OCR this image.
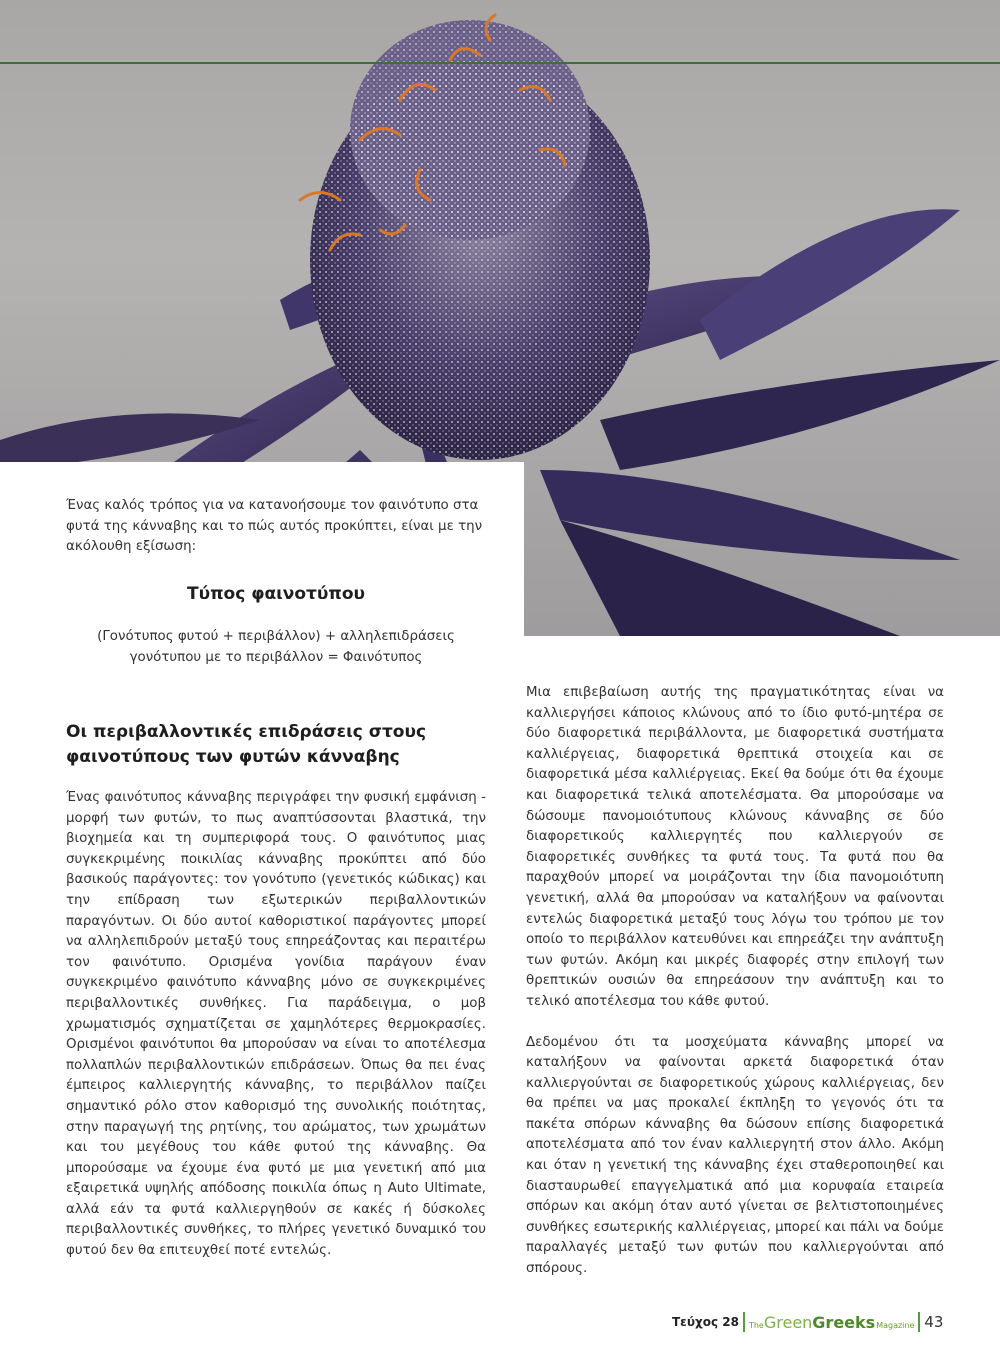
Ένας καλός τρόπος για να κατανοήσουμε τον φαινότυπο στα φυτά της κάνναβης και το πώς αυτός προκύπτει, είναι με την ακόλουθη εξίσωση:
Τύπος φαινοτύπου
(Γονότυπος φυτού + περιβάλλον) + αλληλεπιδράσεις γονότυπου με το περιβάλλον = Φαινότυπος
Οι περιβαλλοντικές επιδράσεις στους φαινοτύπους των φυτών κάνναβης

Ένας φαινότυπος κάνναβης περιγράφει την φυσική εμφάνιση - μορφή των φυτών, το πως αναπτύσσονται βλαστικά, την βιοχημεία και τη συμπεριφορά τους. Ο φαινότυπος μιας συγκεκριμένης ποικιλίας κάνναβης προκύπτει από δύο βασικούς παράγοντες: τον γονότυπο (γενετικός κώδικας) και την επίδραση των εξωτερικών περιβαλλοντικών παραγόντων. Οι δύο αυτοί καθοριστικοί παράγοντες μπορεί να αλληλεπιδρούν μεταξύ τους επηρεάζοντας και περαιτέρω τον φαινότυπο. Ορισμένα γονίδια παράγουν έναν συγκεκριμένο φαινότυπο κάνναβης μόνο σε συγκεκριμένες περιβαλλοντικές συνθήκες. Για παράδειγμα, ο μοβ χρωματισμός σχηματίζεται σε χαμηλότερες θερμοκρασίες. Ορισμένοι φαινότυποι θα μπορούσαν να είναι το αποτέλεσμα πολλαπλών περιβαλλοντικών επιδράσεων. Όπως θα πει ένας έμπειρος καλλιεργητής κάνναβης, το περιβάλλον παίζει σημαντικό ρόλο στον καθορισμό της συνολικής ποιότητας, στην παραγωγή της ρητίνης, του αρώματος, των χρωμάτων και του μεγέθους του κάθε φυτού της κάνναβης. Θα μπορούσαμε να έχουμε ένα φυτό με μια γενετική από μια εξαιρετικά υψηλής απόδοσης ποικιλία όπως η Auto Ultimate, αλλά εάν τα φυτά καλλιεργηθούν σε κακές ή δύσκολες περιβαλλοντικές συνθήκες, το πλήρες γενετικό δυναμικό του φυτού δεν θα επιτευχθεί ποτέ εντελώς.

Μια επιβεβαίωση αυτής της πραγματικότητας είναι να καλλιεργήσει κάποιος κλώνους από το ίδιο φυτό-μητέρα σε δύο διαφορετικά περιβάλλοντα, με διαφορετικά συστήματα καλλιέργειας, διαφορετικά θρεπτικά στοιχεία και σε διαφορετικά μέσα καλλιέργειας. Εκεί θα δούμε ότι θα έχουμε και διαφορετικά τελικά αποτελέσματα. Θα μπορούσαμε να δώσουμε πανομοιότυπους κλώνους κάνναβης σε δύο διαφορετικούς καλλιεργητές που καλλιεργούν σε διαφορετικές συνθήκες τα φυτά τους. Τα φυτά που θα παραχθούν μπορεί να μοιράζονται την ίδια πανομοιότυπη γενετική, αλλά θα μπορούσαν να καταλήξουν να φαίνονται εντελώς διαφορετικά μεταξύ τους λόγω του τρόπου με τον οποίο το περιβάλλον κατευθύνει και επηρεάζει την ανάπτυξη των φυτών. Ακόμη και μικρές διαφορές στην επιλογή των θρεπτικών ουσιών θα επηρεάσουν την ανάπτυξη και το τελικό αποτέλεσμα του κάθε φυτού.

Δεδομένου ότι τα μοσχεύματα κάνναβης μπορεί να καταλήξουν να φαίνονται αρκετά διαφορετικά όταν καλλιεργούνται σε διαφορετικούς χώρους καλλιέργειας, δεν θα πρέπει να μας προκαλεί έκπληξη το γεγονός ότι τα πακέτα σπόρων κάνναβης θα δώσουν επίσης διαφορετικά αποτελέσματα από τον έναν καλλιεργητή στον άλλο. Ακόμη και όταν η γενετική της κάνναβης έχει σταθεροποιηθεί και διασταυρωθεί επαγγελματικά από μια κορυφαία εταιρεία σπόρων και ακόμη όταν αυτό γίνεται σε βελτιστοποιημένες συνθήκες εσωτερικής καλλιέργειας, μπορεί και πάλι να δούμε παραλλαγές μεταξύ των φυτών που καλλιεργούνται από σπόρους.

Τεύχος 28 TheGreenGreeksMagazine 43
